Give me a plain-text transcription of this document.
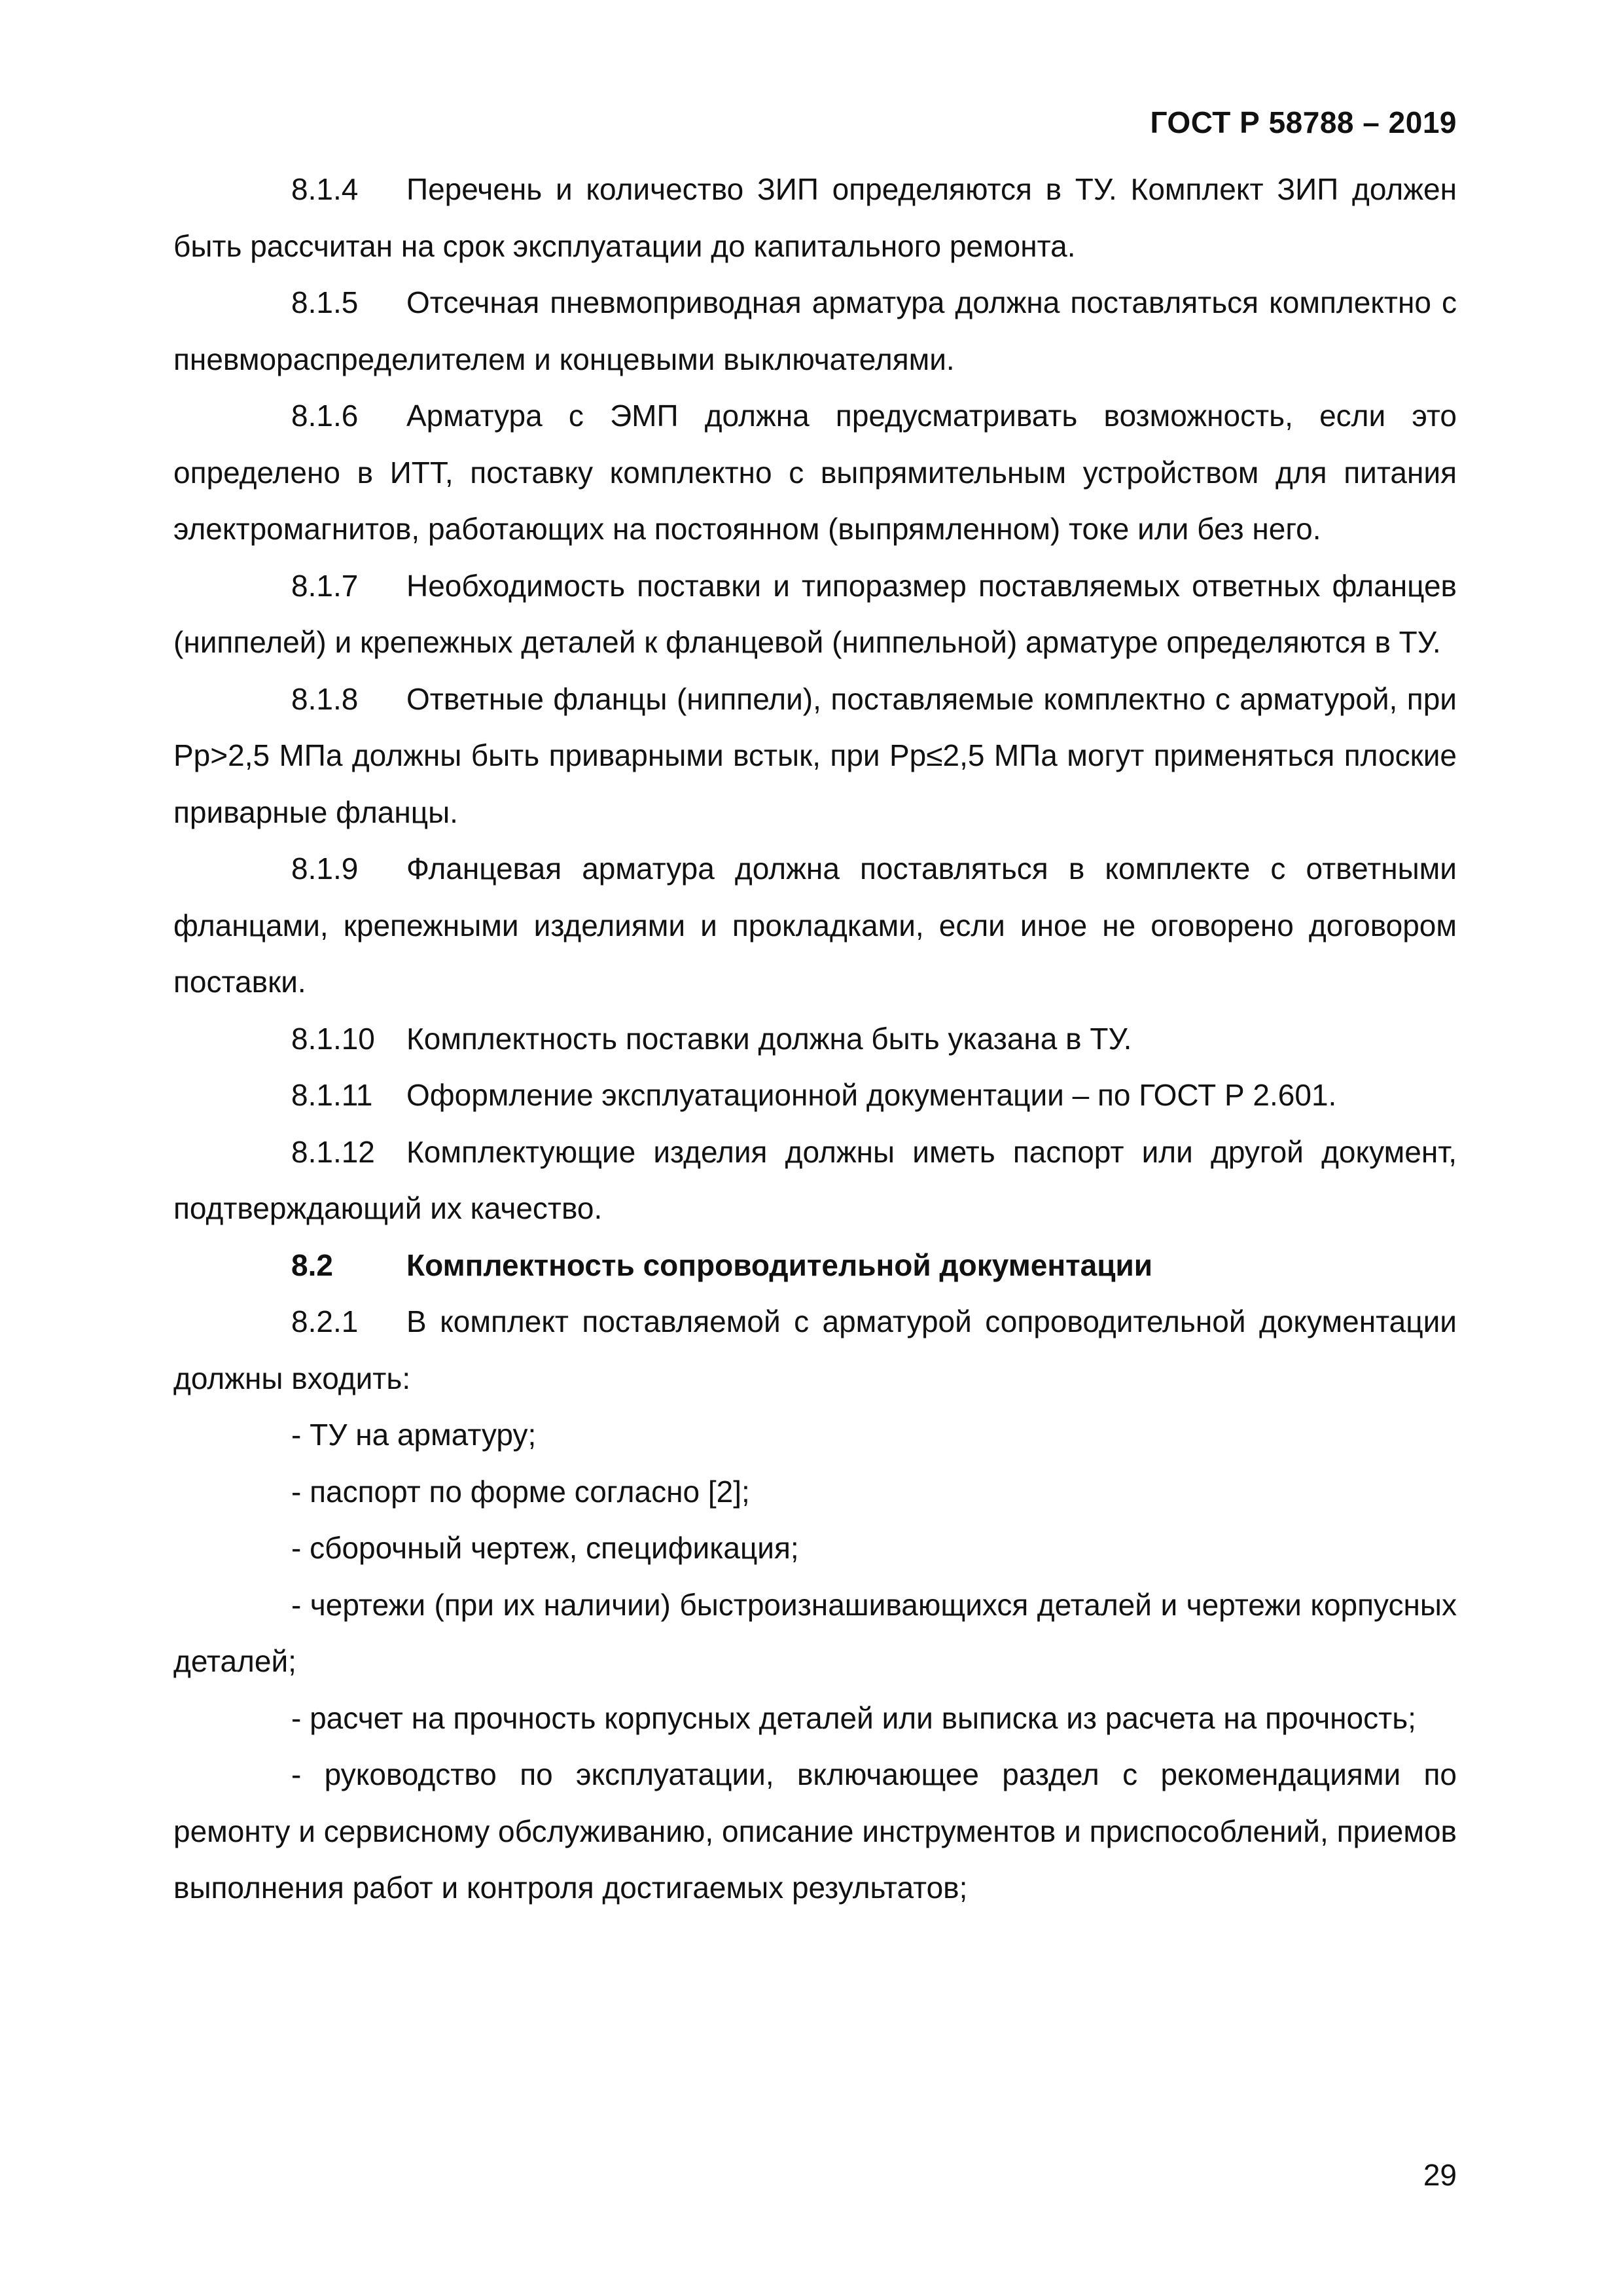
ГОСТ Р 58788 – 2019

8.1.4 Перечень и количество ЗИП определяются в ТУ. Комплект ЗИП должен быть рассчитан на срок эксплуатации до капитального ремонта.

8.1.5 Отсечная пневмоприводная арматура должна поставляться комплектно с пневмораспределителем и концевыми выключателями.

8.1.6 Арматура с ЭМП должна предусматривать возможность, если это определено в ИТТ, поставку комплектно с выпрямительным устройством для питания электромагнитов, работающих на постоянном (выпрямленном) токе или без него.

8.1.7 Необходимость поставки и типоразмер поставляемых ответных фланцев (ниппелей) и крепежных деталей к фланцевой (ниппельной) арматуре определяются в ТУ.

8.1.8 Ответные фланцы (ниппели), поставляемые комплектно с арматурой, при Рр>2,5 МПа должны быть приварными встык, при Рр≤2,5 МПа могут применяться плоские приварные фланцы.

8.1.9 Фланцевая арматура должна поставляться в комплекте с ответными фланцами, крепежными изделиями и прокладками, если иное не оговорено договором поставки.

8.1.10 Комплектность поставки должна быть указана в ТУ.

8.1.11 Оформление эксплуатационной документации – по ГОСТ Р 2.601.

8.1.12 Комплектующие изделия должны иметь паспорт или другой документ, подтверждающий их качество.

8.2 Комплектность сопроводительной документации

8.2.1 В комплект поставляемой с арматурой сопроводительной документации должны входить:

- ТУ на арматуру;

- паспорт по форме согласно [2];

- сборочный чертеж, спецификация;

- чертежи (при их наличии) быстроизнашивающихся деталей и чертежи корпусных деталей;

- расчет на прочность корпусных деталей или выписка из расчета на прочность;

- руководство по эксплуатации, включающее раздел с рекомендациями по ремонту и сервисному обслуживанию, описание инструментов и приспособлений, приемов выполнения работ и контроля достигаемых результатов;

29
